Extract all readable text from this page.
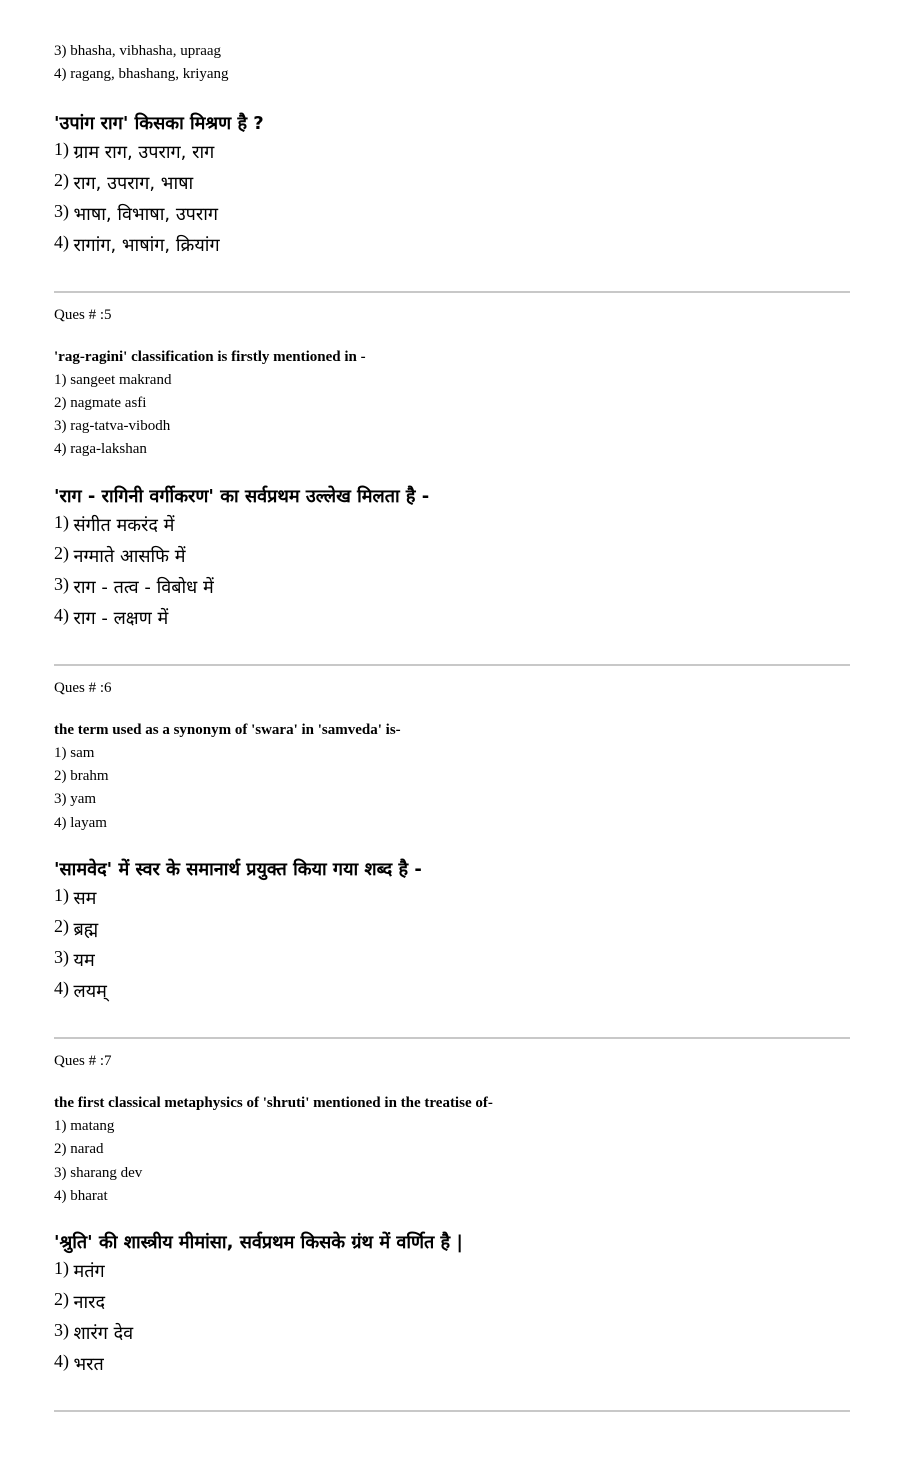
3) bhasha, vibhasha, upraag
4) ragang, bhashang, kriyang
'उपांग राग' किसका मिश्रण है ?
1) ग्राम राग, उपराग, राग
2) राग, उपराग, भाषा
3) भाषा, विभाषा, उपराग
4) रागांग, भाषांग, क्रियांग
Ques # :5
'rag-ragini' classification is firstly mentioned in -
1) sangeet makrand
2) nagmate asfi
3) rag-tatva-vibodh
4) raga-lakshan
'राग - रागिनी वर्गीकरण' का सर्वप्रथम उल्लेख मिलता है -
1) संगीत मकरंद में
2) नग्माते आसफि में
3) राग - तत्व - विबोध में
4) राग - लक्षण में
Ques # :6
the term used as a synonym of 'swara' in 'samveda' is-
1) sam
2) brahm
3) yam
4) layam
'सामवेद' में स्वर के समानार्थ प्रयुक्त किया गया शब्द है -
1) सम
2) ब्रह्म
3) यम
4) लयम्
Ques # :7
the first classical metaphysics of 'shruti' mentioned in the treatise of-
1) matang
2) narad
3) sharang dev
4) bharat
'श्रुति' की शास्त्रीय मीमांसा, सर्वप्रथम किसके ग्रंथ में वर्णित है |
1) मतंग
2) नारद
3) शारंग देव
4) भरत
